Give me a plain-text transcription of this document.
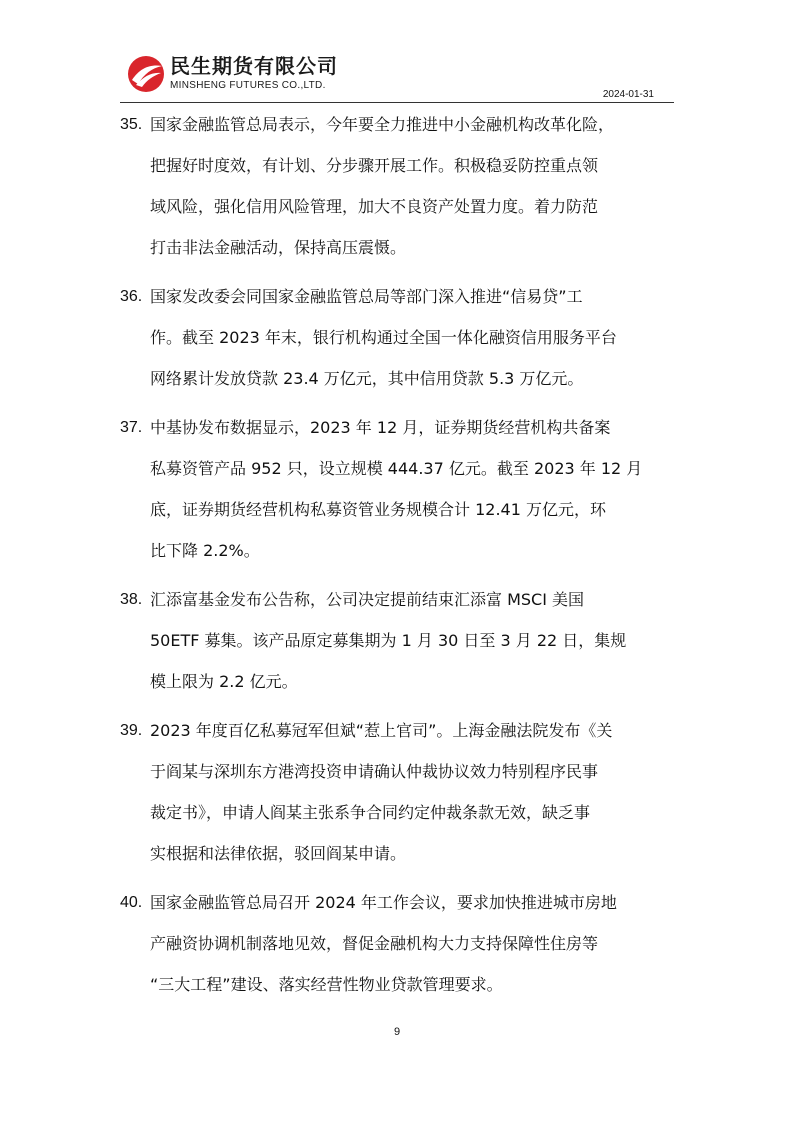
民生期货有限公司
MINSHENG FUTURES CO.,LTD.
2024-01-31
35. 国家金融监管总局表示，今年要全力推进中小金融机构改革化险，
把握好时度效，有计划、分步骤开展工作。积极稳妥防控重点领
域风险，强化信用风险管理，加大不良资产处置力度。着力防范
打击非法金融活动，保持高压震慑。
36. 国家发改委会同国家金融监管总局等部门深入推进“信易贷”工
作。截至 2023 年末，银行机构通过全国一体化融资信用服务平台
网络累计发放贷款 23.4 万亿元，其中信用贷款 5.3 万亿元。
37. 中基协发布数据显示，2023 年 12 月，证券期货经营机构共备案
私募资管产品 952 只，设立规模 444.37 亿元。截至 2023 年 12 月
底，证券期货经营机构私募资管业务规模合计 12.41 万亿元，环
比下降 2.2%。
38. 汇添富基金发布公告称，公司决定提前结束汇添富 MSCI 美国
50ETF 募集。该产品原定募集期为 1 月 30 日至 3 月 22 日，集规
模上限为 2.2 亿元。
39. 2023 年度百亿私募冠军但斌“惹上官司”。上海金融法院发布《关
于阎某与深圳东方港湾投资申请确认仲裁协议效力特别程序民事
裁定书》，申请人阎某主张系争合同约定仲裁条款无效，缺乏事
实根据和法律依据，驳回阎某申请。
40. 国家金融监管总局召开 2024 年工作会议，要求加快推进城市房地
产融资协调机制落地见效，督促金融机构大力支持保障性住房等
“三大工程”建设、落实经营性物业贷款管理要求。
9
